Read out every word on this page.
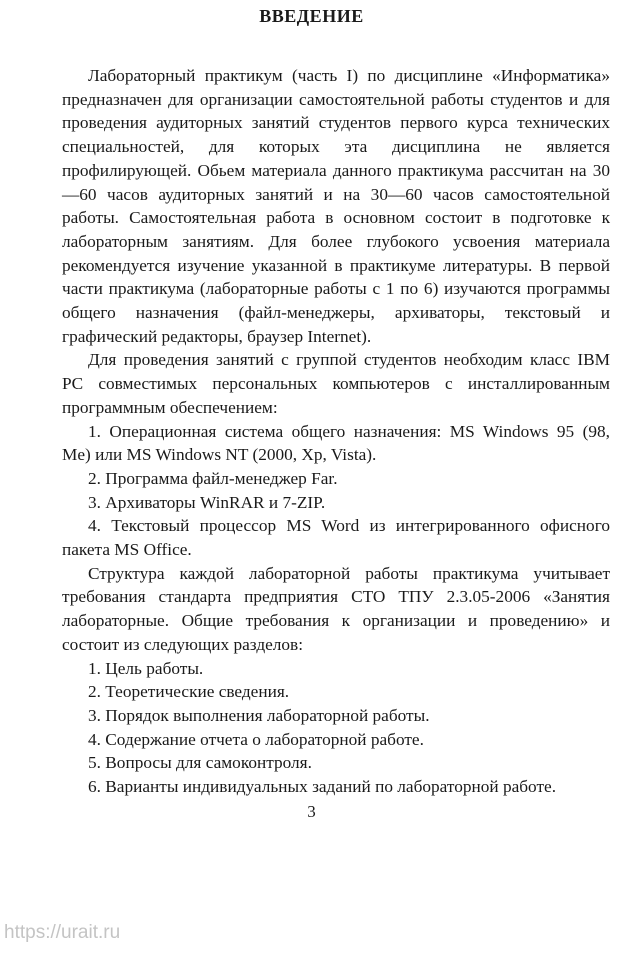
ВВЕДЕНИЕ

Лабораторный практикум (часть I) по дисциплине «Информатика» предназначен для организации самостоятельной работы студентов и для проведения аудиторных занятий студентов первого курса технических специальностей, для которых эта дисциплина не является профилирующей. Обьем материала данного практикума рассчитан на 30—60 часов аудиторных занятий и на 30—60 часов самостоятельной работы. Самостоятельная работа в основном состоит в подготовке к лабораторным занятиям. Для более глубокого усвоения материала рекомендуется изучение указанной в практикуме литературы. В первой части практикума (лабораторные работы с 1 по 6) изучаются программы общего назначения (файл-менеджеры, архиваторы, текстовый и графический редакторы, браузер Internet).

Для проведения занятий с группой студентов необходим класс IBM PC совместимых персональных компьютеров с инсталлированным программным обеспечением:

1. Операционная система общего назначения: MS Windows 95 (98, Me) или MS Windows NT (2000, Xp, Vista).

2. Программа файл-менеджер Far.

3. Архиваторы WinRAR и 7-ZIP.

4. Текстовый процессор MS Word из интегрированного офисного пакета MS Office.

Структура каждой лабораторной работы практикума учитывает требования стандарта предприятия СТО ТПУ 2.3.05-2006 «Занятия лабораторные. Общие требования к организации и проведению» и состоит из следующих разделов:

1. Цель работы.

2. Теоретические сведения.

3. Порядок выполнения лабораторной работы.

4. Содержание отчета о лабораторной работе.

5. Вопросы для самоконтроля.

6. Варианты индивидуальных заданий по лабораторной работе.

3
https://urait.ru
